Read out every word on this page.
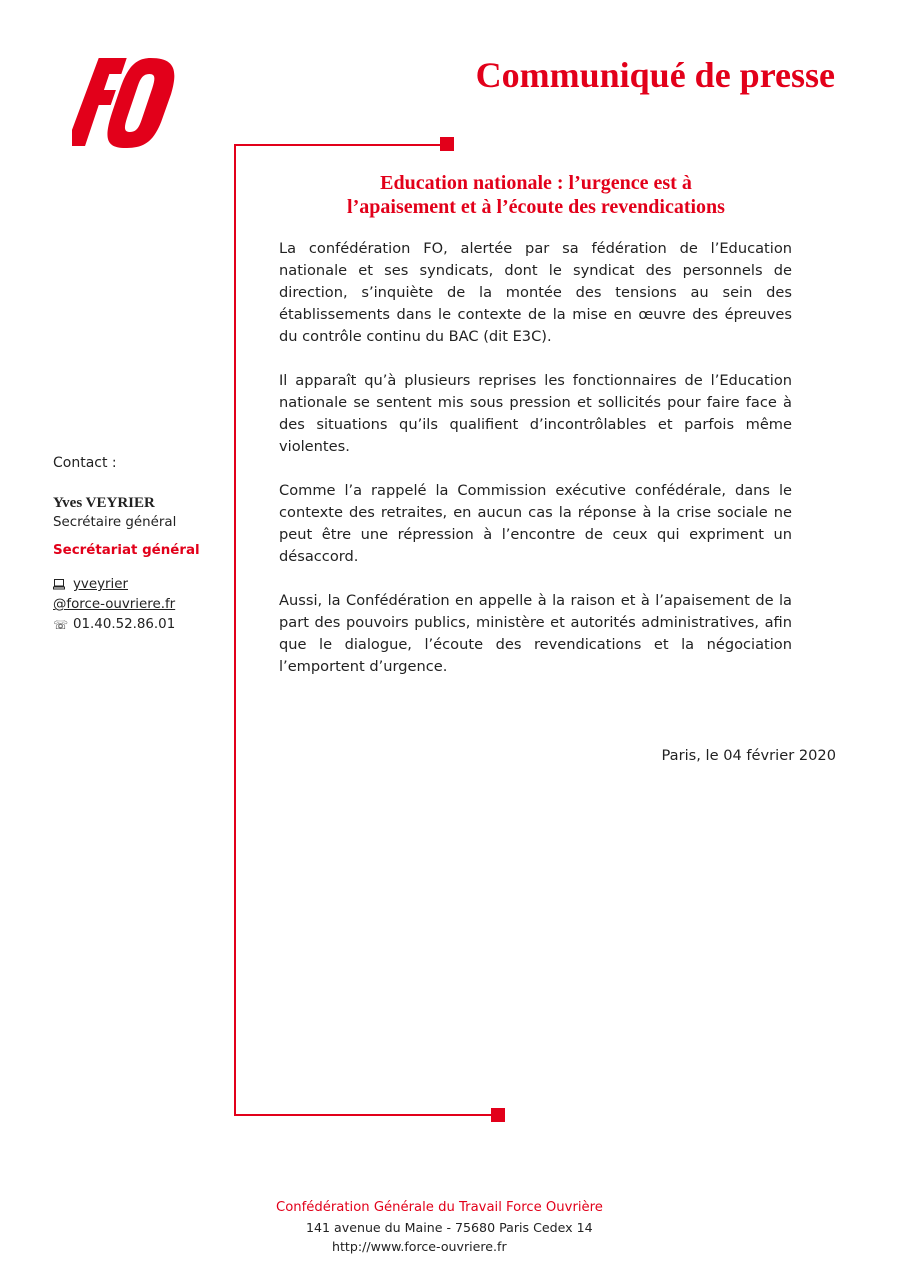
Communiqué de presse
Education nationale : l’urgence est à
l’apaisement et à l’écoute des revendications

La confédération FO, alertée par sa fédération de l’Education nationale et ses syndicats, dont le syndicat des personnels de direction, s’inquiète de la montée des tensions au sein des établissements dans le contexte de la mise en œuvre des épreuves du contrôle continu du BAC (dit E3C).

Il apparaît qu’à plusieurs reprises les fonctionnaires de l’Education nationale se sentent mis sous pression et sollicités pour faire face à des situations qu’ils qualifient d’incontrôlables et parfois même violentes.

Comme l’a rappelé la Commission exécutive confédérale, dans le contexte des retraites, en aucun cas la réponse à la crise sociale ne peut être une répression à l’encontre de ceux qui expriment un désaccord.

Aussi, la Confédération en appelle à la raison et à l’apaisement de la part des pouvoirs publics, ministère et autorités administratives, afin que le dialogue, l’écoute des revendications et la négociation l’emportent d’urgence.

Paris, le 04 février 2020
Contact :
Yves VEYRIER
Secrétaire général
Secrétariat général
yveyrier
@force-ouvriere.fr
☏ 01.40.52.86.01
Confédération Générale du Travail Force Ouvrière
141 avenue du Maine - 75680 Paris Cedex 14
http://www.force-ouvriere.fr
